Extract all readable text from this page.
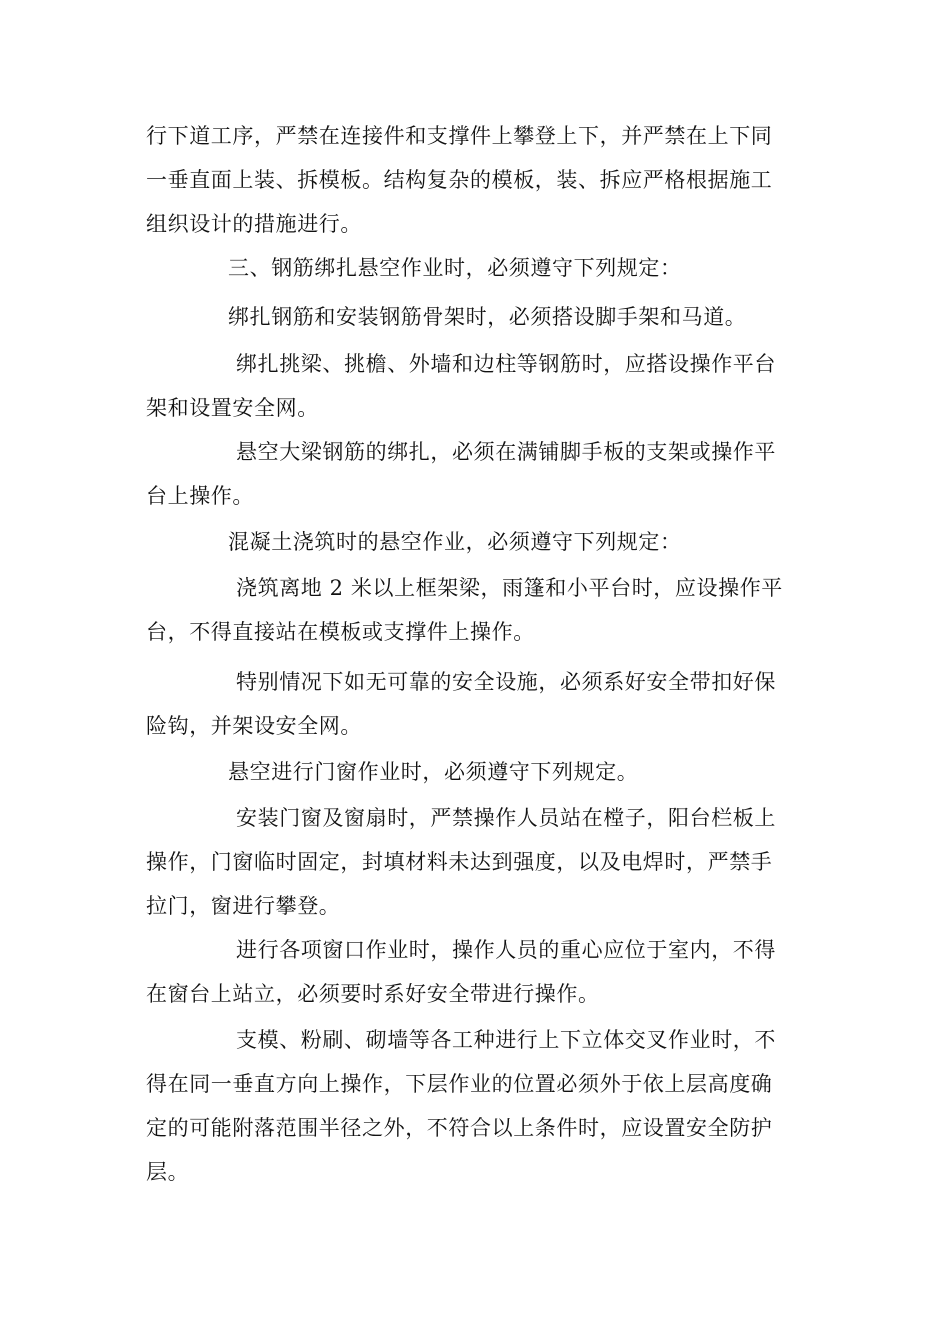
行下道工序，严禁在连接件和支撑件上攀登上下，并严禁在上下同
一垂直面上装、拆模板。结构复杂的模板，装、拆应严格根据施工
组织设计的措施进行。
三、钢筋绑扎悬空作业时，必须遵守下列规定：
绑扎钢筋和安装钢筋骨架时，必须搭设脚手架和马道。
绑扎挑梁、挑檐、外墙和边柱等钢筋时，应搭设操作平台
架和设置安全网。
悬空大梁钢筋的绑扎，必须在满铺脚手板的支架或操作平
台上操作。
混凝土浇筑时的悬空作业，必须遵守下列规定：
浇筑离地 2 米以上框架梁，雨篷和小平台时，应设操作平
台，不得直接站在模板或支撑件上操作。
特别情况下如无可靠的安全设施，必须系好安全带扣好保
险钩，并架设安全网。
悬空进行门窗作业时，必须遵守下列规定。
安装门窗及窗扇时，严禁操作人员站在樘子，阳台栏板上
操作，门窗临时固定，封填材料未达到强度，以及电焊时，严禁手
拉门，窗进行攀登。
进行各项窗口作业时，操作人员的重心应位于室内，不得
在窗台上站立，必须要时系好安全带进行操作。
支模、粉刷、砌墙等各工种进行上下立体交叉作业时，不
得在同一垂直方向上操作，下层作业的位置必须外于依上层高度确
定的可能附落范围半径之外，不符合以上条件时，应设置安全防护
层。
